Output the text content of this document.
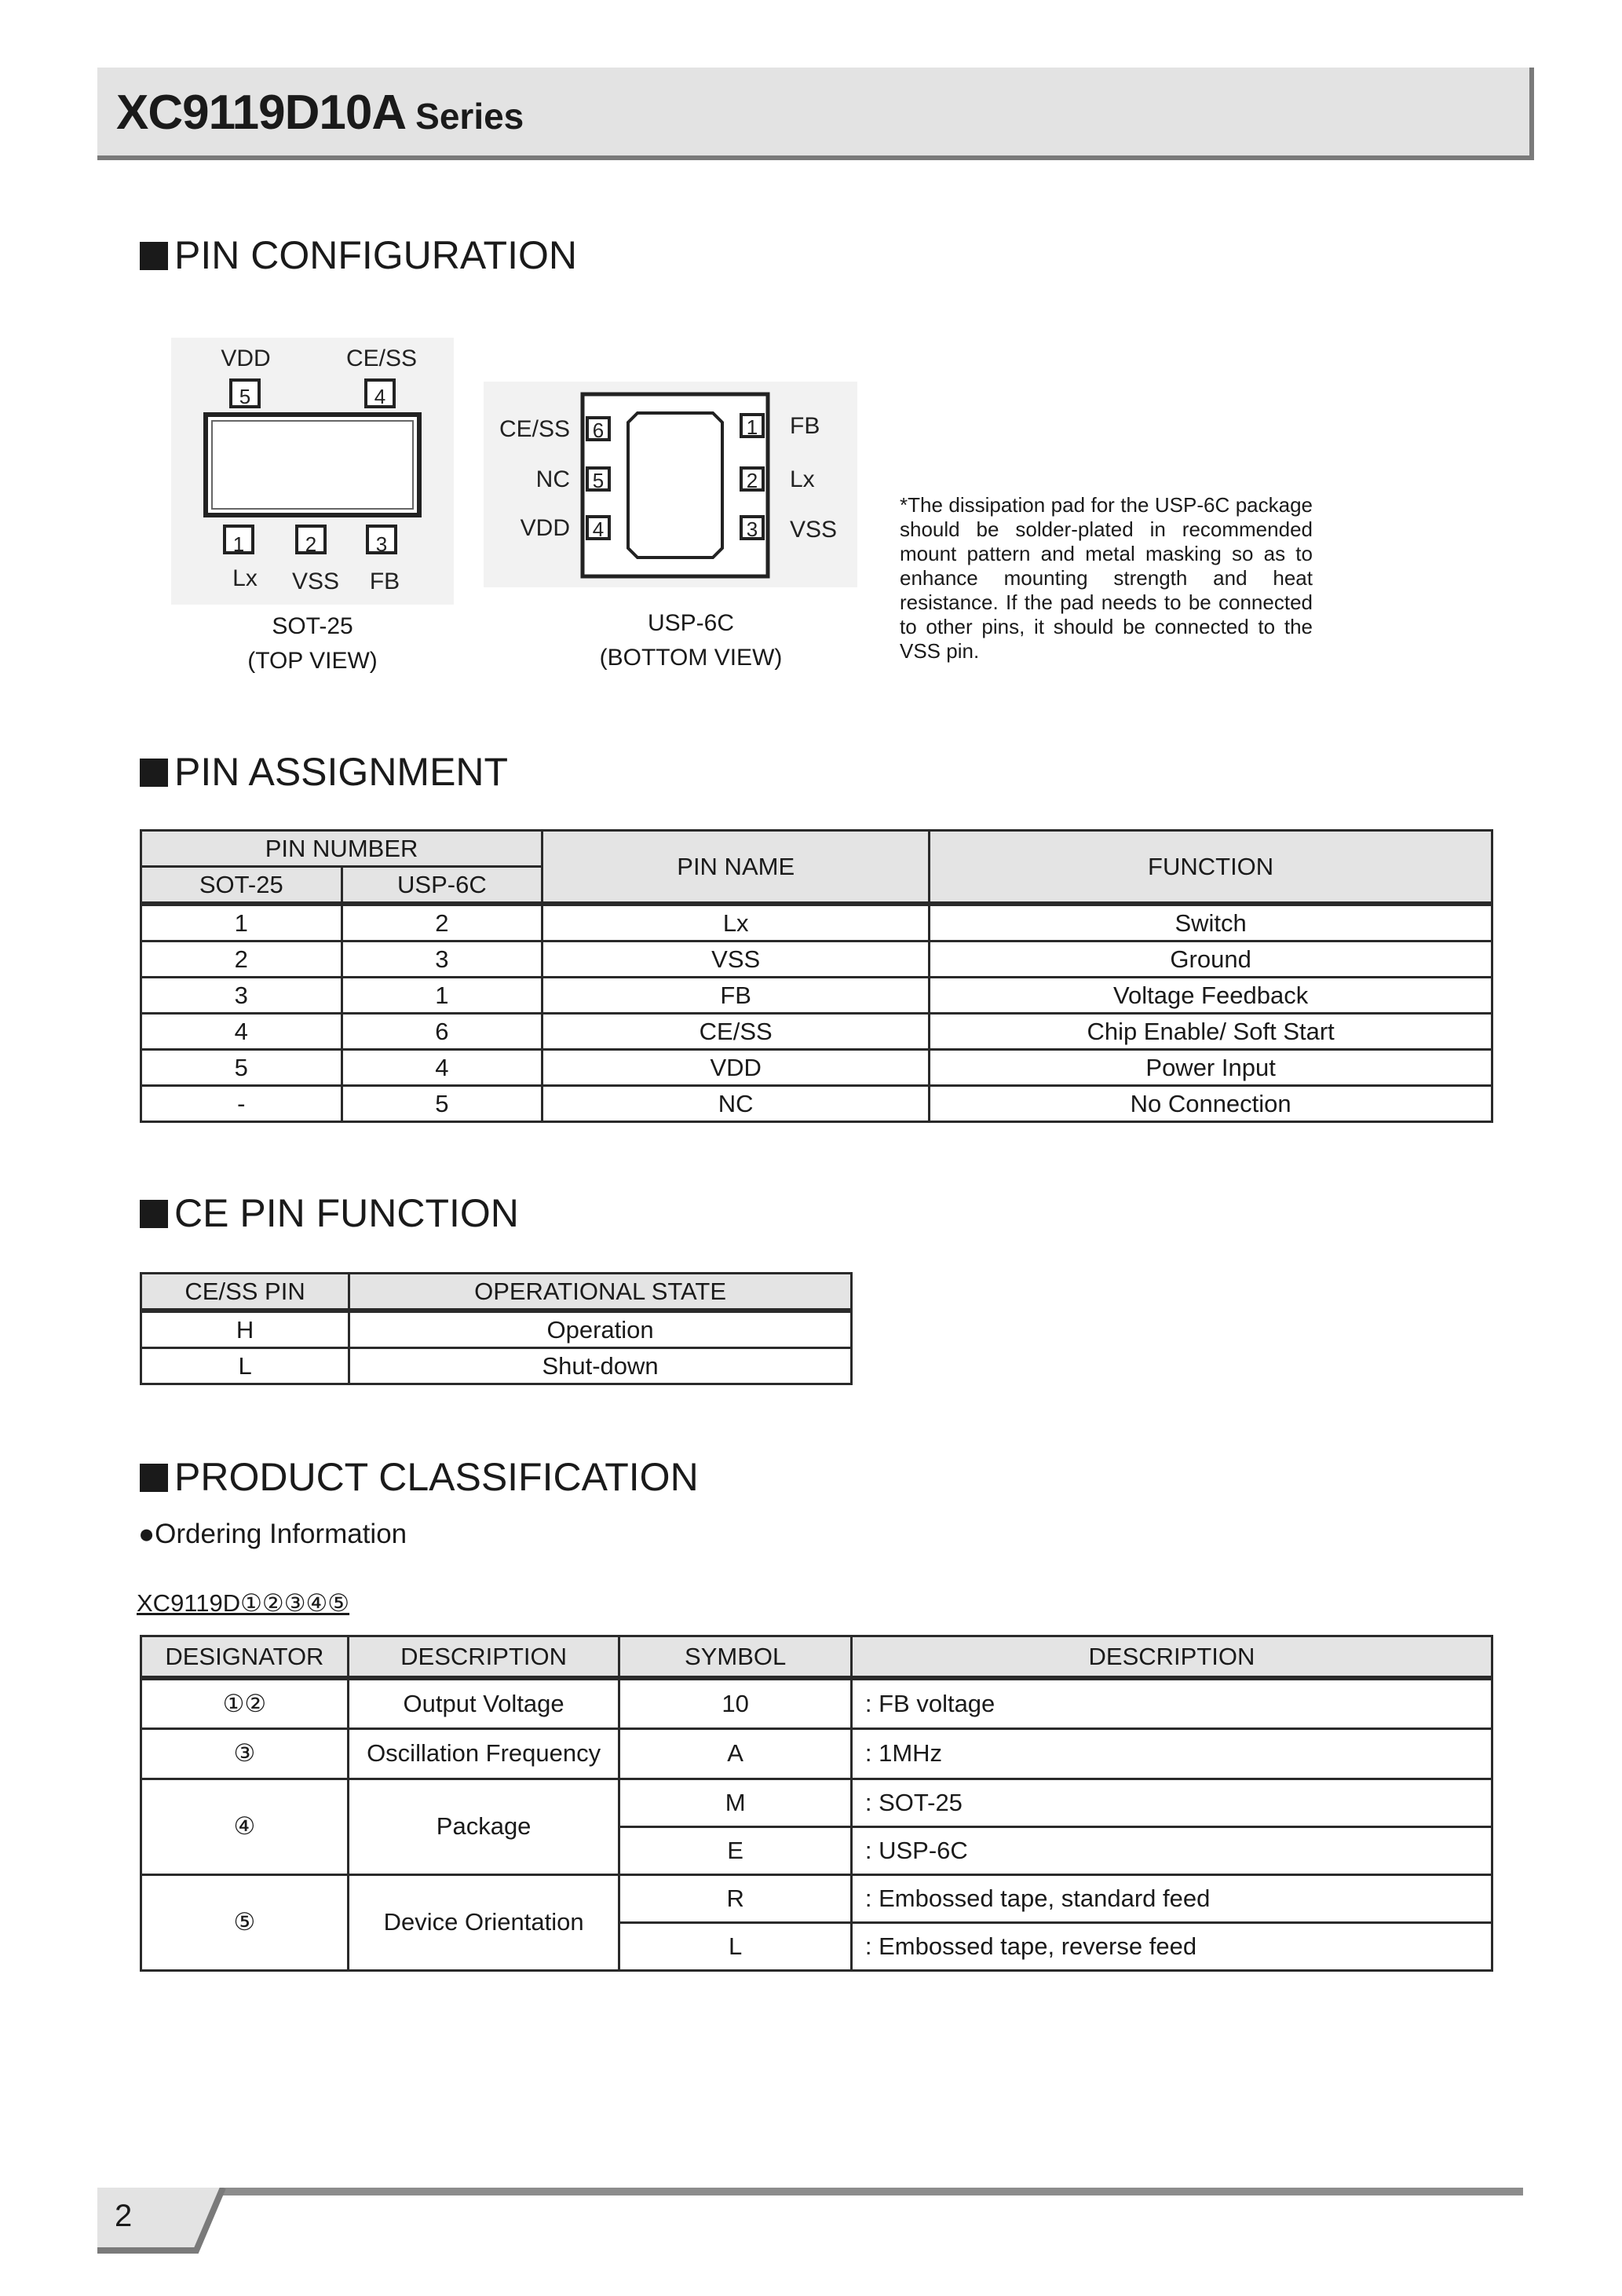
XC9119D10A Series
PIN CONFIGURATION
VDD	CE/SS
5	4
1	2	3
Lx VSS FB
SOT-25
(TOP VIEW)
CE/SS
NC
VDD
6
5
4
1
2
3
FB
Lx
VSS
USP-6C
(BOTTOM VIEW)
*The dissipation pad for the USP-6C package should be solder-plated in recommended mount pattern and metal masking so as to enhance mounting strength and heat resistance. If the pad needs to be connected to other pins, it should be connected to the VSS pin.
PIN ASSIGNMENT
PIN NUMBER		PIN NAME	FUNCTION
SOT-25	USP-6C		
1	2	Lx	Switch
2	3	VSS	Ground
3	1	FB	Voltage Feedback
4	6	CE/SS	Chip Enable/ Soft Start
5	4	VDD	Power Input
-	5	NC	No Connection
CE PIN FUNCTION
CE/SS PIN	OPERATIONAL STATE
H	Operation
L	Shut-down
PRODUCT CLASSIFICATION
●Ordering Information
XC9119D①②③④⑤
DESIGNATOR	DESCRIPTION	SYMBOL	DESCRIPTION
①②	Output Voltage	10	: FB voltage
③	Oscillation Frequency	A	: 1MHz
④	Package	M	: SOT-25
		E	: USP-6C
⑤	Device Orientation	R	: Embossed tape, standard feed
		L	: Embossed tape, reverse feed
2
